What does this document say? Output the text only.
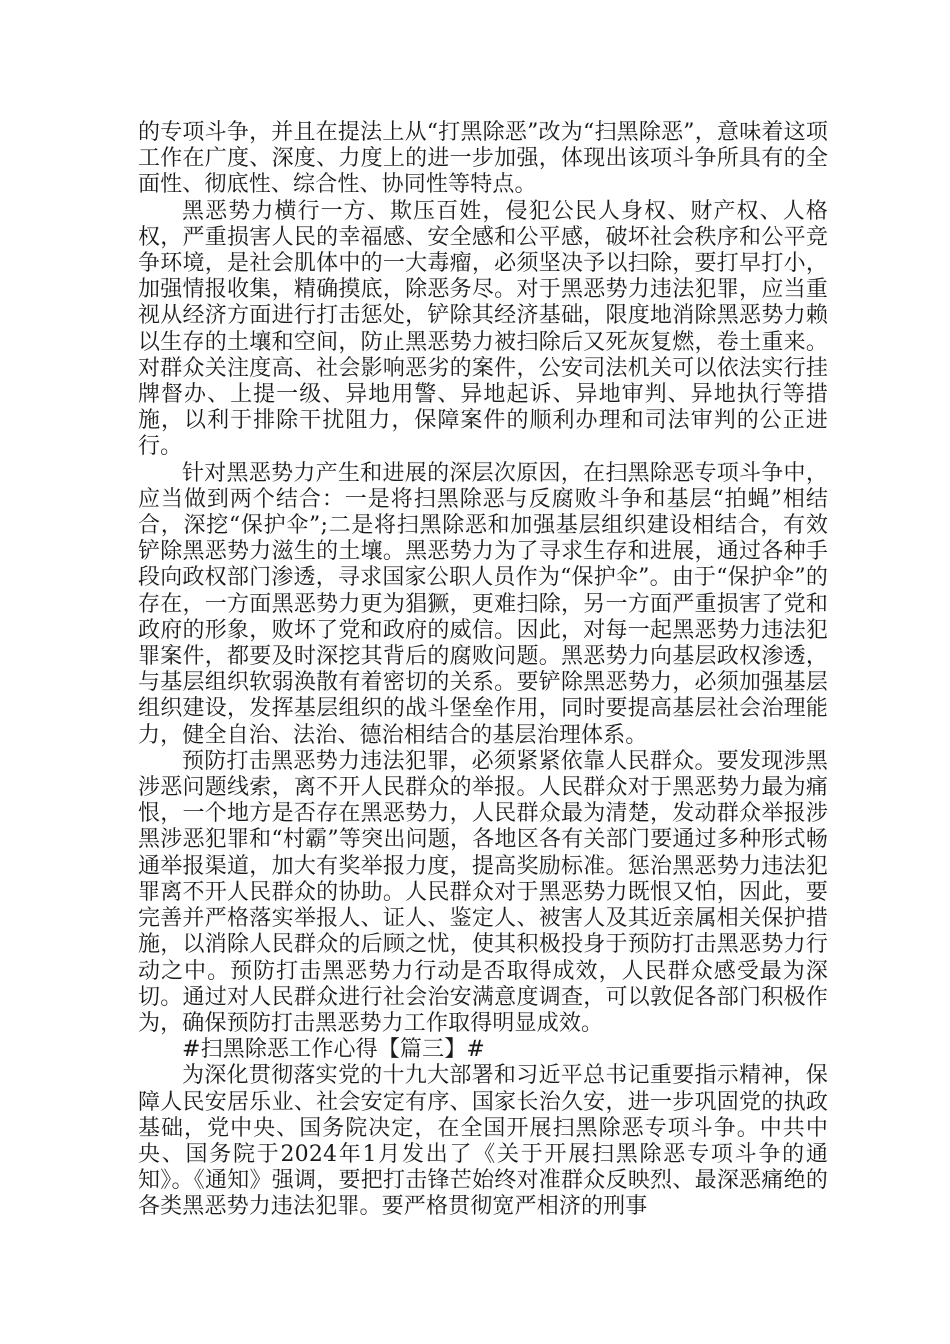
的专项斗争，并且在提法上从“打黑除恶”改为“扫黑除恶”，意味着这项工作在广度、深度、力度上的进一步加强，体现出该项斗争所具有的全面性、彻底性、综合性、协同性等特点。

黑恶势力横行一方、欺压百姓，侵犯公民人身权、财产权、人格权，严重损害人民的幸福感、安全感和公平感，破坏社会秩序和公平竞争环境，是社会肌体中的一大毒瘤，必须坚决予以扫除，要打早打小，加强情报收集，精确摸底，除恶务尽。对于黑恶势力违法犯罪，应当重视从经济方面进行打击惩处，铲除其经济基础，限度地消除黑恶势力赖以生存的土壤和空间，防止黑恶势力被扫除后又死灰复燃，卷土重来。对群众关注度高、社会影响恶劣的案件，公安司法机关可以依法实行挂牌督办、上提一级、异地用警、异地起诉、异地审判、异地执行等措施，以利于排除干扰阻力，保障案件的顺利办理和司法审判的公正进行。

针对黑恶势力产生和进展的深层次原因，在扫黑除恶专项斗争中，应当做到两个结合：一是将扫黑除恶与反腐败斗争和基层“拍蝇”相结合，深挖“保护伞”;二是将扫黑除恶和加强基层组织建设相结合，有效铲除黑恶势力滋生的土壤。黑恶势力为了寻求生存和进展，通过各种手段向政权部门渗透，寻求国家公职人员作为“保护伞”。由于“保护伞”的存在，一方面黑恶势力更为猖獗，更难扫除，另一方面严重损害了党和政府的形象，败坏了党和政府的威信。因此，对每一起黑恶势力违法犯罪案件，都要及时深挖其背后的腐败问题。黑恶势力向基层政权渗透，与基层组织软弱涣散有着密切的关系。要铲除黑恶势力，必须加强基层组织建设，发挥基层组织的战斗堡垒作用，同时要提高基层社会治理能力，健全自治、法治、德治相结合的基层治理体系。

预防打击黑恶势力违法犯罪，必须紧紧依靠人民群众。要发现涉黑涉恶问题线索，离不开人民群众的举报。人民群众对于黑恶势力最为痛恨，一个地方是否存在黑恶势力，人民群众最为清楚，发动群众举报涉黑涉恶犯罪和“村霸”等突出问题，各地区各有关部门要通过多种形式畅通举报渠道，加大有奖举报力度，提高奖励标准。惩治黑恶势力违法犯罪离不开人民群众的协助。人民群众对于黑恶势力既恨又怕，因此，要完善并严格落实举报人、证人、鉴定人、被害人及其近亲属相关保护措施，以消除人民群众的后顾之忧，使其积极投身于预防打击黑恶势力行动之中。预防打击黑恶势力行动是否取得成效，人民群众感受最为深切。通过对人民群众进行社会治安满意度调查，可以敦促各部门积极作为，确保预防打击黑恶势力工作取得明显成效。

#扫黑除恶工作心得【篇三】#

为深化贯彻落实党的十九大部署和习近平总书记重要指示精神，保障人民安居乐业、社会安定有序、国家长治久安，进一步巩固党的执政基础，党中央、国务院决定，在全国开展扫黑除恶专项斗争。中共中央、国务院于2024年1月发出了《关于开展扫黑除恶专项斗争的通知》。《通知》强调，要把打击锋芒始终对准群众反映烈、最深恶痛绝的各类黑恶势力违法犯罪。要严格贯彻宽严相济的刑事
